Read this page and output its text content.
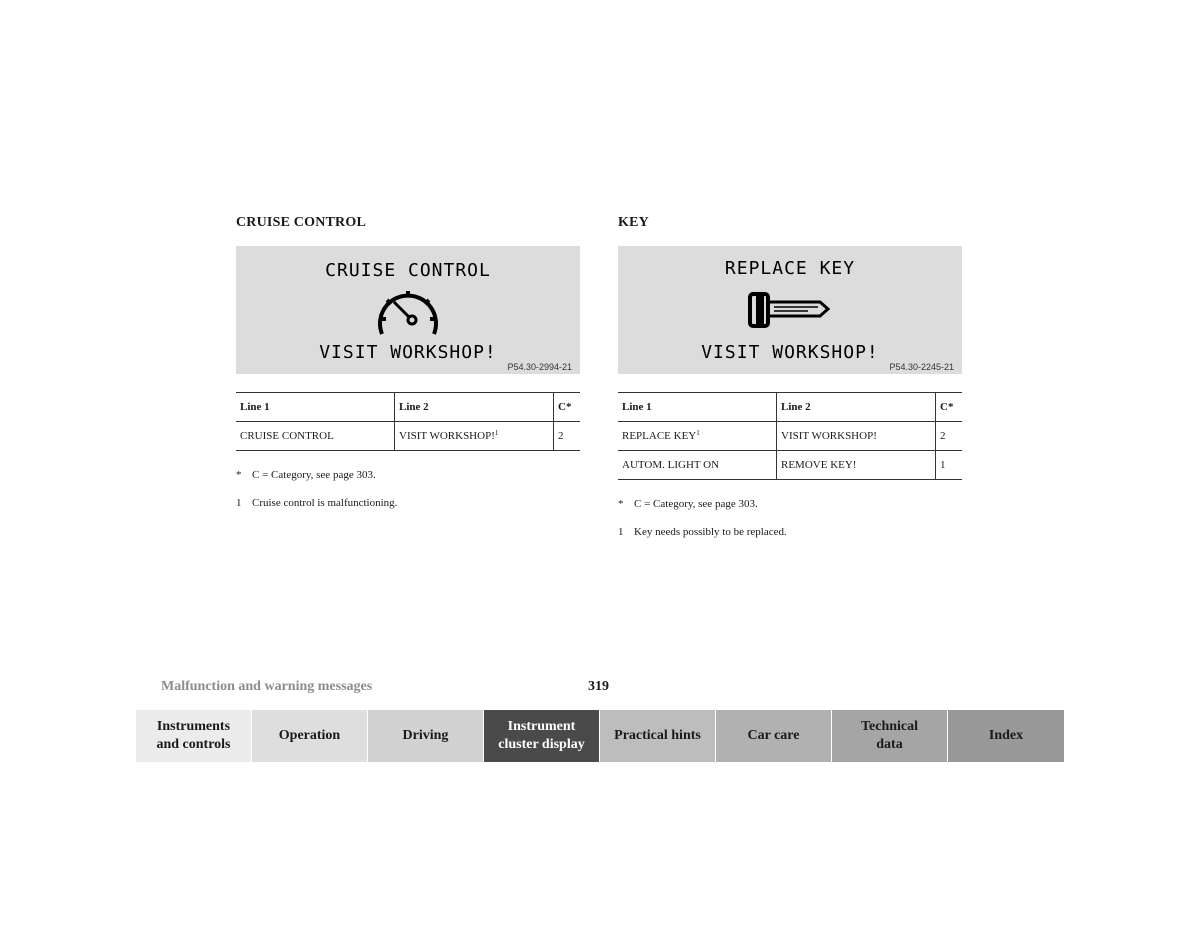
CRUISE CONTROL
CRUISE CONTROL
VISIT WORKSHOP!
P54.30-2994-21
Line 1	Line 2	C*
CRUISE CONTROL	VISIT WORKSHOP!$^1$	2
* C = Category, see page 303.
1 Cruise control is malfunctioning.
KEY
REPLACE KEY
VISIT WORKSHOP!
P54.30-2245-21
Line 1	Line 2	C*
REPLACE KEY$^1$	VISIT WORKSHOP!	2
AUTOM. LIGHT ON	REMOVE KEY!	1
* C = Category, see page 303.
1 Key needs possibly to be replaced.
Malfunction and warning messages	319
Instruments
and controls
Operation	Driving
Instrument
cluster display
Practical hints	Car care
Technical
data
Index
